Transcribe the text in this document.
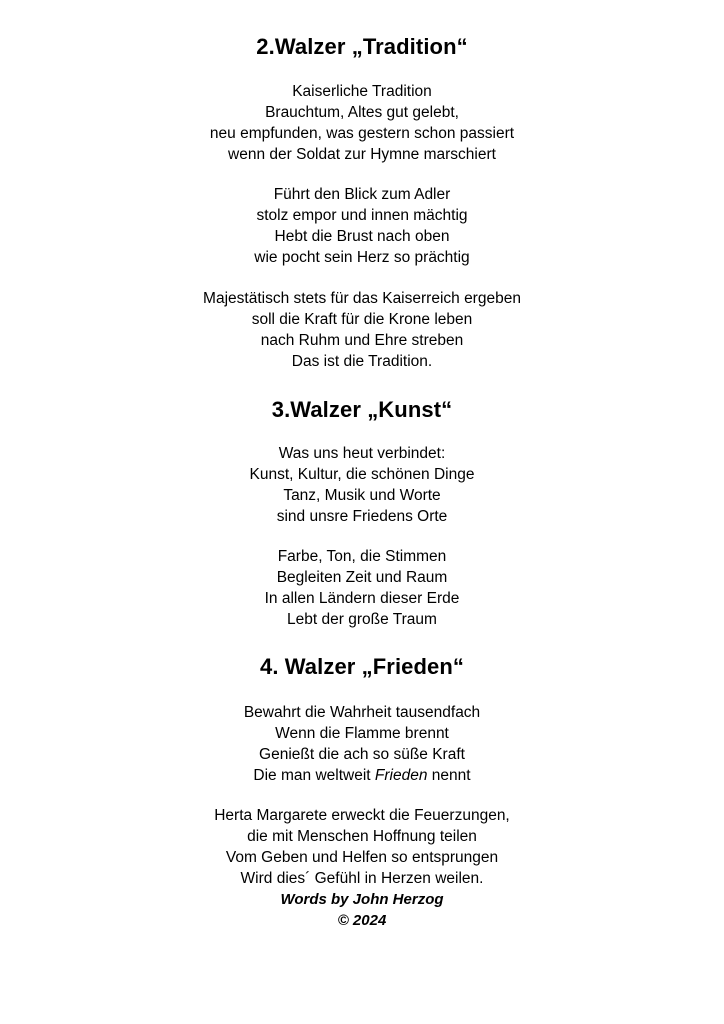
2.Walzer „Tradition“
Kaiserliche Tradition
Brauchtum, Altes gut gelebt,
neu empfunden, was gestern schon passiert
wenn der Soldat zur Hymne marschiert
Führt den Blick zum Adler
stolz empor und innen mächtig
Hebt die Brust nach oben
wie pocht sein Herz so prächtig
Majestätisch stets für das Kaiserreich ergeben
soll die Kraft für die Krone leben
nach Ruhm und Ehre streben
Das ist die Tradition.
3.Walzer „Kunst“
Was uns heut verbindet:
Kunst, Kultur, die schönen Dinge
Tanz, Musik und Worte
sind unsre Friedens Orte
Farbe, Ton, die Stimmen
Begleiten Zeit und Raum
In allen Ländern dieser Erde
Lebt der große Traum
4. Walzer „Frieden“
Bewahrt die Wahrheit tausendfach
Wenn die Flamme brennt
Genießt die ach so süße Kraft
Die man weltweit Frieden nennt
Herta Margarete erweckt die Feuerzungen,
die mit Menschen Hoffnung teilen
Vom Geben und Helfen so entsprungen
Wird dies´ Gefühl in Herzen weilen.
Words by John Herzog
© 2024
